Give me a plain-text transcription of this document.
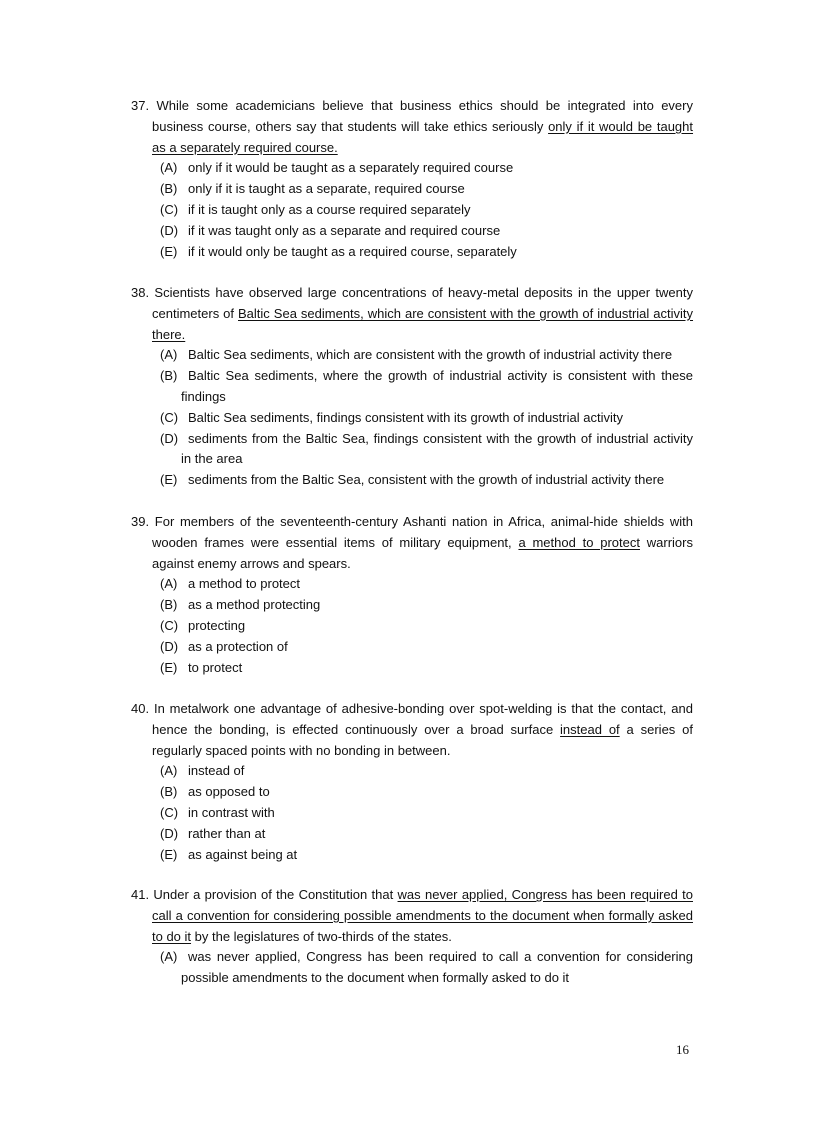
37. While some academicians believe that business ethics should be integrated into every business course, others say that students will take ethics seriously only if it would be taught as a separately required course.

(A) only if it would be taught as a separately required course
(B) only if it is taught as a separate, required course
(C) if it is taught only as a course required separately
(D) if it was taught only as a separate and required course
(E) if it would only be taught as a required course, separately

38. Scientists have observed large concentrations of heavy-metal deposits in the upper twenty centimeters of Baltic Sea sediments, which are consistent with the growth of industrial activity there.

(A) Baltic Sea sediments, which are consistent with the growth of industrial activity there
(B) Baltic Sea sediments, where the growth of industrial activity is consistent with these findings
(C) Baltic Sea sediments, findings consistent with its growth of industrial activity
(D) sediments from the Baltic Sea, findings consistent with the growth of industrial activity in the area
(E) sediments from the Baltic Sea, consistent with the growth of industrial activity there

39. For members of the seventeenth-century Ashanti nation in Africa, animal-hide shields with wooden frames were essential items of military equipment, a method to protect warriors against enemy arrows and spears.

(A) a method to protect
(B) as a method protecting
(C) protecting
(D) as a protection of
(E) to protect

40. In metalwork one advantage of adhesive-bonding over spot-welding is that the contact, and hence the bonding, is effected continuously over a broad surface instead of a series of regularly spaced points with no bonding in between.

(A) instead of
(B) as opposed to
(C) in contrast with
(D) rather than at
(E) as against being at

41. Under a provision of the Constitution that was never applied, Congress has been required to call a convention for considering possible amendments to the document when formally asked to do it by the legislatures of two-thirds of the states.

(A) was never applied, Congress has been required to call a convention for considering possible amendments to the document when formally asked to do it
16
